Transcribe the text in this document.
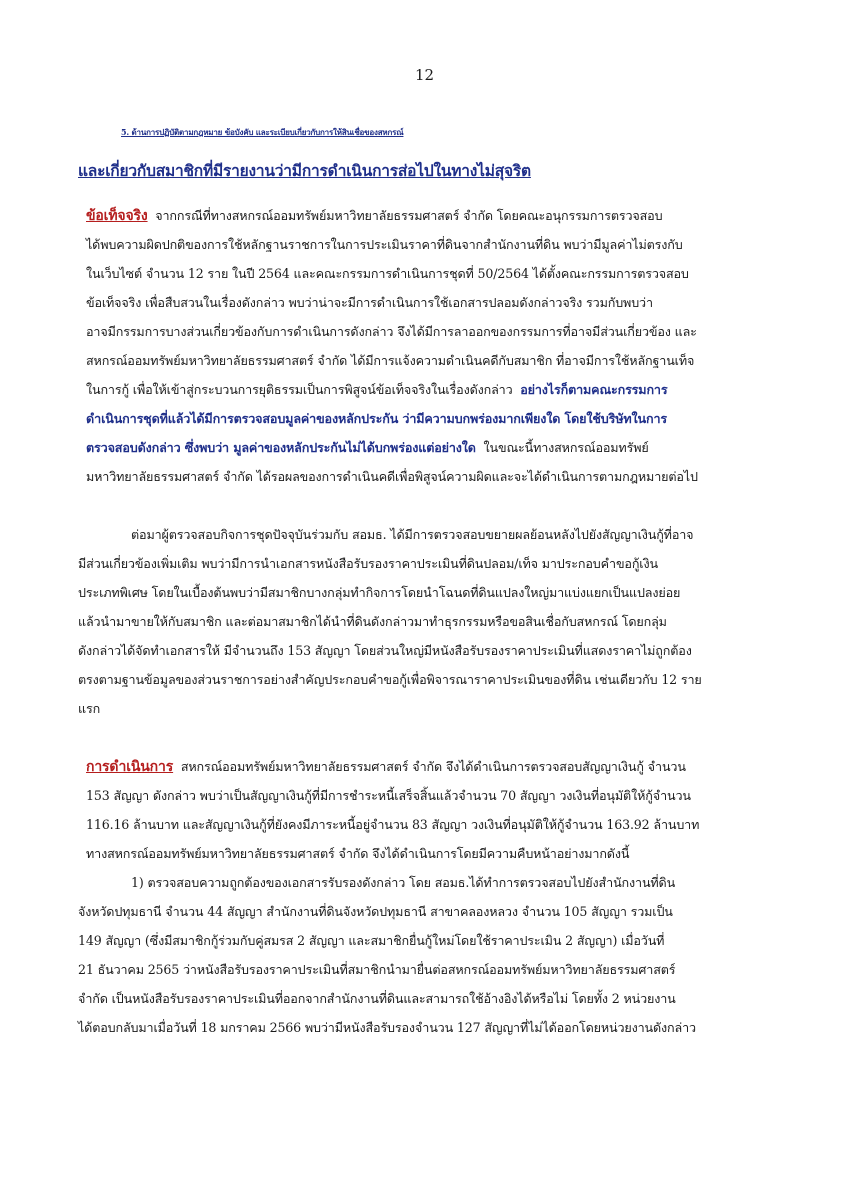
12
5. ด้านการปฏิบัติตามกฎหมาย ข้อบังคับ และระเบียบเกี่ยวกับการให้สินเชื่อของสหกรณ์
และเกี่ยวกับสมาชิกที่มีรายงานว่ามีการดำเนินการส่อไปในทางไม่สุจริต
ข้อเท็จจริง จากกรณีที่ทางสหกรณ์ออมทรัพย์มหาวิทยาลัยธรรมศาสตร์ จำกัด โดยคณะอนุกรรมการตรวจสอบ
ได้พบความผิดปกติของการใช้หลักฐานราชการในการประเมินราคาที่ดินจากสำนักงานที่ดิน พบว่ามีมูลค่าไม่ตรงกับ
ในเว็บไซต์ จำนวน 12 ราย ในปี 2564 และคณะกรรมการดำเนินการชุดที่ 50/2564 ได้ตั้งคณะกรรมการตรวจสอบ
ข้อเท็จจริง เพื่อสืบสวนในเรื่องดังกล่าว พบว่าน่าจะมีการดำเนินการใช้เอกสารปลอมดังกล่าวจริง รวมกับพบว่า
อาจมีกรรมการบางส่วนเกี่ยวข้องกับการดำเนินการดังกล่าว จึงได้มีการลาออกของกรรมการที่อาจมีส่วนเกี่ยวข้อง และ
สหกรณ์ออมทรัพย์มหาวิทยาลัยธรรมศาสตร์ จำกัด ได้มีการแจ้งความดำเนินคดีกับสมาชิก ที่อาจมีการใช้หลักฐานเท็จ
ในการกู้ เพื่อให้เข้าสู่กระบวนการยุติธรรมเป็นการพิสูจน์ข้อเท็จจริงในเรื่องดังกล่าว อย่างไรก็ตามคณะกรรมการ
ดำเนินการชุดที่แล้วได้มีการตรวจสอบมูลค่าของหลักประกัน ว่ามีความบกพร่องมากเพียงใด โดยใช้บริษัทในการ
ตรวจสอบดังกล่าว ซึ่งพบว่า มูลค่าของหลักประกันไม่ได้บกพร่องแต่อย่างใด ในขณะนี้ทางสหกรณ์ออมทรัพย์
มหาวิทยาลัยธรรมศาสตร์ จำกัด ได้รอผลของการดำเนินคดีเพื่อพิสูจน์ความผิดและจะได้ดำเนินการตามกฎหมายต่อไป
ต่อมาผู้ตรวจสอบกิจการชุดปัจจุบันร่วมกับ สอมธ. ได้มีการตรวจสอบขยายผลย้อนหลังไปยังสัญญาเงินกู้ที่อาจ
มีส่วนเกี่ยวข้องเพิ่มเติม พบว่ามีการนำเอกสารหนังสือรับรองราคาประเมินที่ดินปลอม/เท็จ มาประกอบคำขอกู้เงิน
ประเภทพิเศษ โดยในเบื้องต้นพบว่ามีสมาชิกบางกลุ่มทำกิจการโดยนำโฉนดที่ดินแปลงใหญ่มาแบ่งแยกเป็นแปลงย่อย
แล้วนำมาขายให้กับสมาชิก และต่อมาสมาชิกได้นำที่ดินดังกล่าวมาทำธุรกรรมหรือขอสินเชื่อกับสหกรณ์ โดยกลุ่ม
ดังกล่าวได้จัดทำเอกสารให้ มีจำนวนถึง 153 สัญญา โดยส่วนใหญ่มีหนังสือรับรองราคาประเมินที่แสดงราคาไม่ถูกต้อง
ตรงตามฐานข้อมูลของส่วนราชการอย่างสำคัญประกอบคำขอกู้เพื่อพิจารณาราคาประเมินของที่ดิน เช่นเดียวกับ 12 ราย
แรก
การดำเนินการ สหกรณ์ออมทรัพย์มหาวิทยาลัยธรรมศาสตร์ จำกัด จึงได้ดำเนินการตรวจสอบสัญญาเงินกู้ จำนวน
153 สัญญา ดังกล่าว พบว่าเป็นสัญญาเงินกู้ที่มีการชำระหนี้เสร็จสิ้นแล้วจำนวน 70 สัญญา วงเงินที่อนุมัติให้กู้จำนวน
116.16 ล้านบาท และสัญญาเงินกู้ที่ยังคงมีภาระหนี้อยู่จำนวน 83 สัญญา วงเงินที่อนุมัติให้กู้จำนวน 163.92 ล้านบาท
ทางสหกรณ์ออมทรัพย์มหาวิทยาลัยธรรมศาสตร์ จำกัด จึงได้ดำเนินการโดยมีความคืบหน้าอย่างมากดังนี้
1) ตรวจสอบความถูกต้องของเอกสารรับรองดังกล่าว โดย สอมธ.ได้ทำการตรวจสอบไปยังสำนักงานที่ดิน
จังหวัดปทุมธานี จำนวน 44 สัญญา สำนักงานที่ดินจังหวัดปทุมธานี สาขาคลองหลวง จำนวน 105 สัญญา รวมเป็น
149 สัญญา (ซึ่งมีสมาชิกกู้ร่วมกับคู่สมรส 2 สัญญา และสมาชิกยื่นกู้ใหม่โดยใช้ราคาประเมิน 2 สัญญา) เมื่อวันที่
21 ธันวาคม 2565 ว่าหนังสือรับรองราคาประเมินที่สมาชิกนำมายื่นต่อสหกรณ์ออมทรัพย์มหาวิทยาลัยธรรมศาสตร์
จำกัด เป็นหนังสือรับรองราคาประเมินที่ออกจากสำนักงานที่ดินและสามารถใช้อ้างอิงได้หรือไม่ โดยทั้ง 2 หน่วยงาน
ได้ตอบกลับมาเมื่อวันที่ 18 มกราคม 2566 พบว่ามีหนังสือรับรองจำนวน 127 สัญญาที่ไม่ได้ออกโดยหน่วยงานดังกล่าว
